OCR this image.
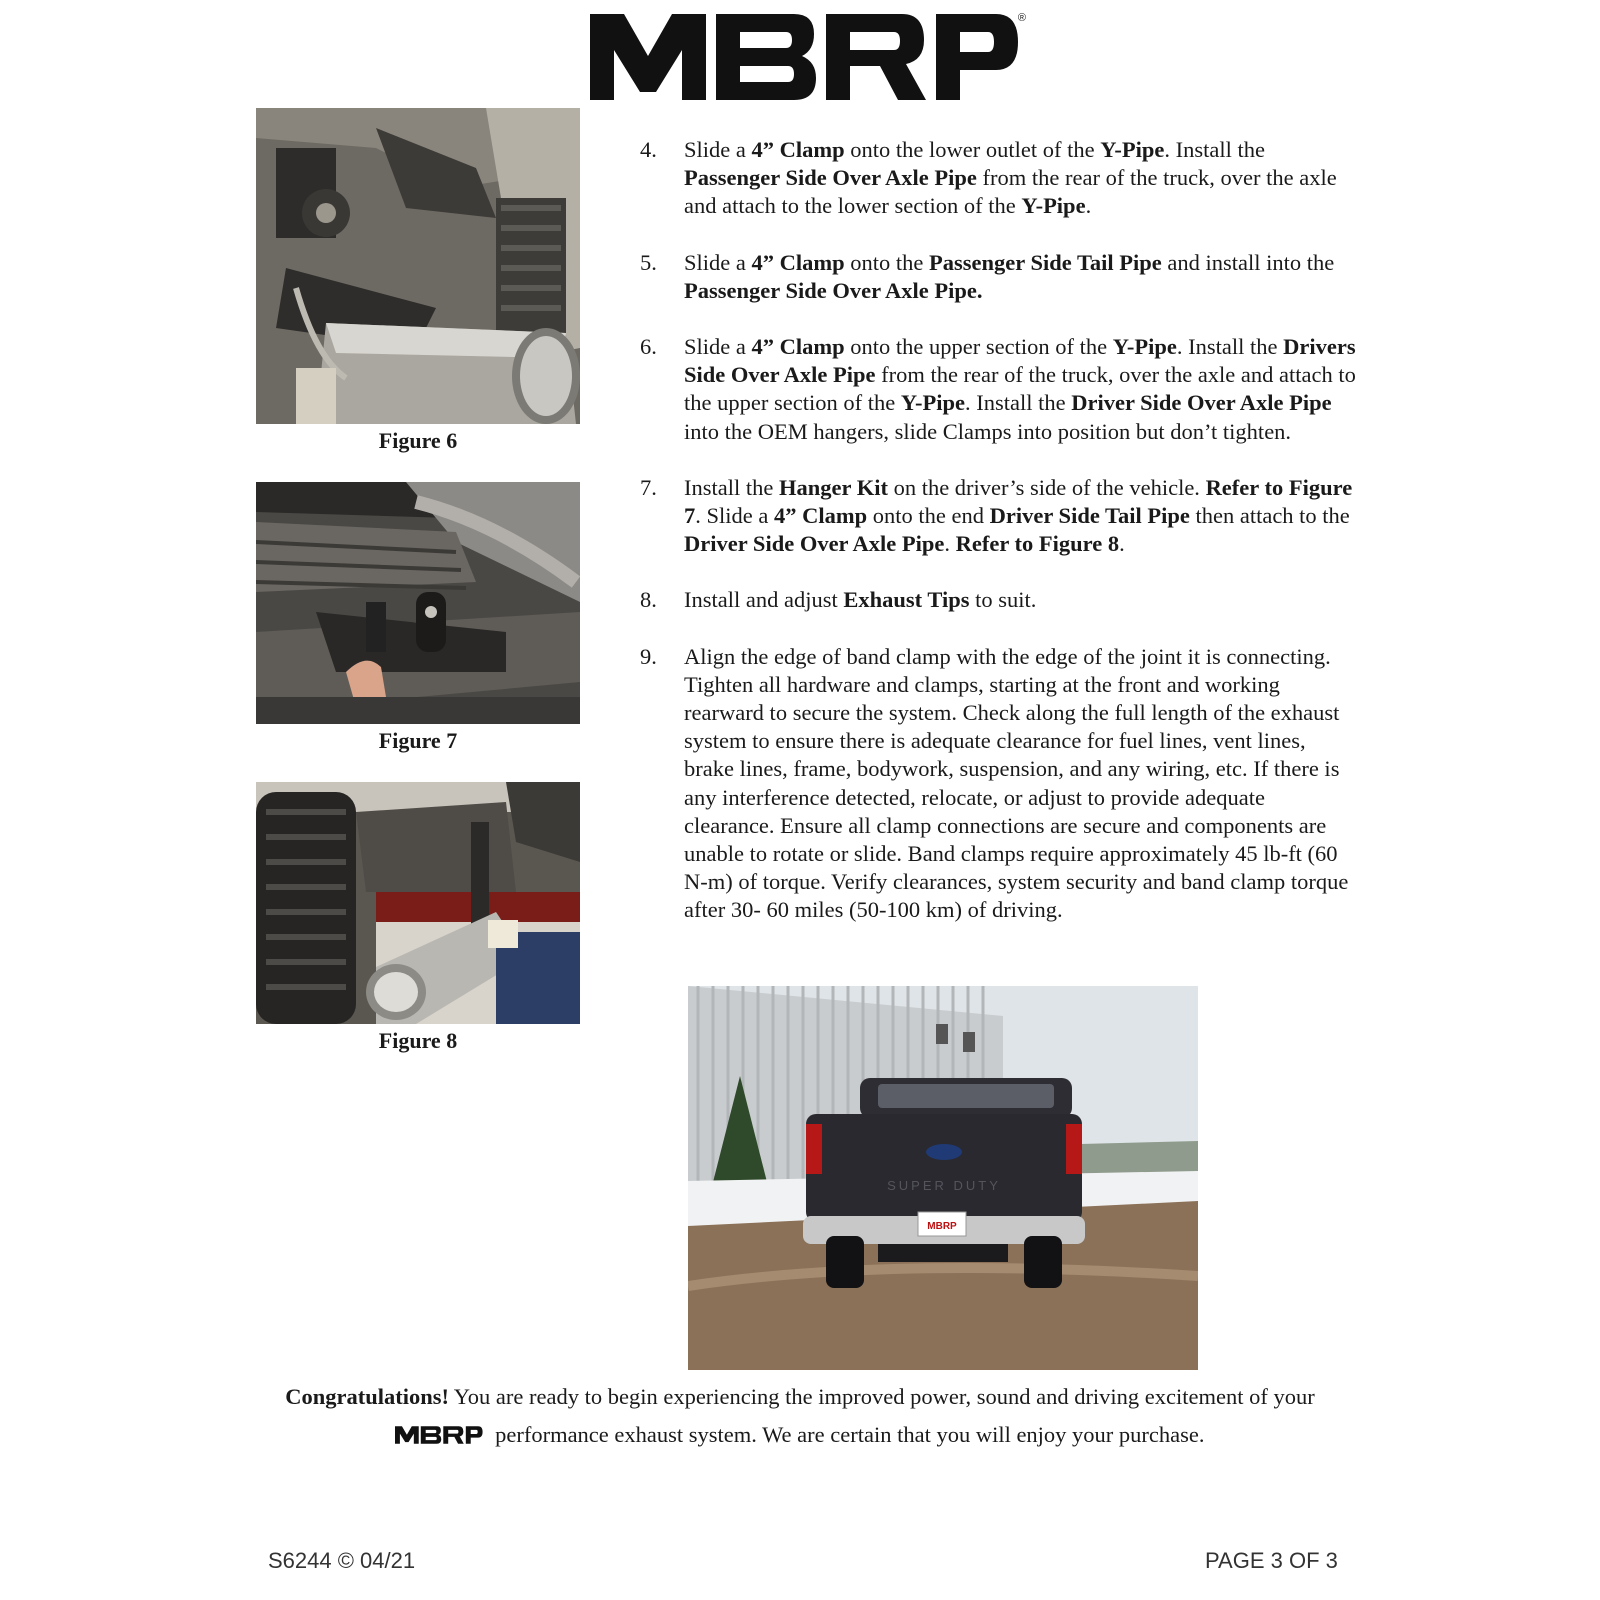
®
Figure 6
Figure 7
Figure 8
4.	Slide a 4” Clamp onto the lower outlet of the Y-Pipe. Install the Passenger Side Over Axle Pipe from the rear of the truck, over the axle and attach to the lower section of the Y-Pipe.
5.	Slide a 4” Clamp onto the Passenger Side Tail Pipe and install into the Passenger Side Over Axle Pipe.
6.	Slide a 4” Clamp onto the upper section of the Y-Pipe. Install the Drivers Side Over Axle Pipe from the rear of the truck, over the axle and attach to the upper section of the Y-Pipe. Install the Driver Side Over Axle Pipe into the OEM hangers, slide Clamps into position but don’t tighten.
7.	Install the Hanger Kit on the driver’s side of the vehicle. Refer to Figure 7. Slide a 4” Clamp onto the end Driver Side Tail Pipe then attach to the Driver Side Over Axle Pipe. Refer to Figure 8.
8.	Install and adjust Exhaust Tips to suit.
9.	Align the edge of band clamp with the edge of the joint it is connecting. Tighten all hardware and clamps, starting at the front and working rearward to secure the system. Check along the full length of the exhaust system to ensure there is adequate clearance for fuel lines, vent lines, brake lines, frame, bodywork, suspension, and any wiring, etc. If there is any interference detected, relocate, or adjust to provide adequate clearance. Ensure all clamp connections are secure and components are unable to rotate or slide. Band clamps require approximately 45 lb-ft (60 N-m) of torque. Verify clearances, system security and band clamp torque after 30- 60 miles (50-100 km) of driving.
SUPER DUTY
MBRP
Congratulations! You are ready to begin experiencing the improved power, sound and driving excitement of your
performance exhaust system. We are certain that you will enjoy your purchase.
S6244 © 04/21	PAGE 3 OF 3
